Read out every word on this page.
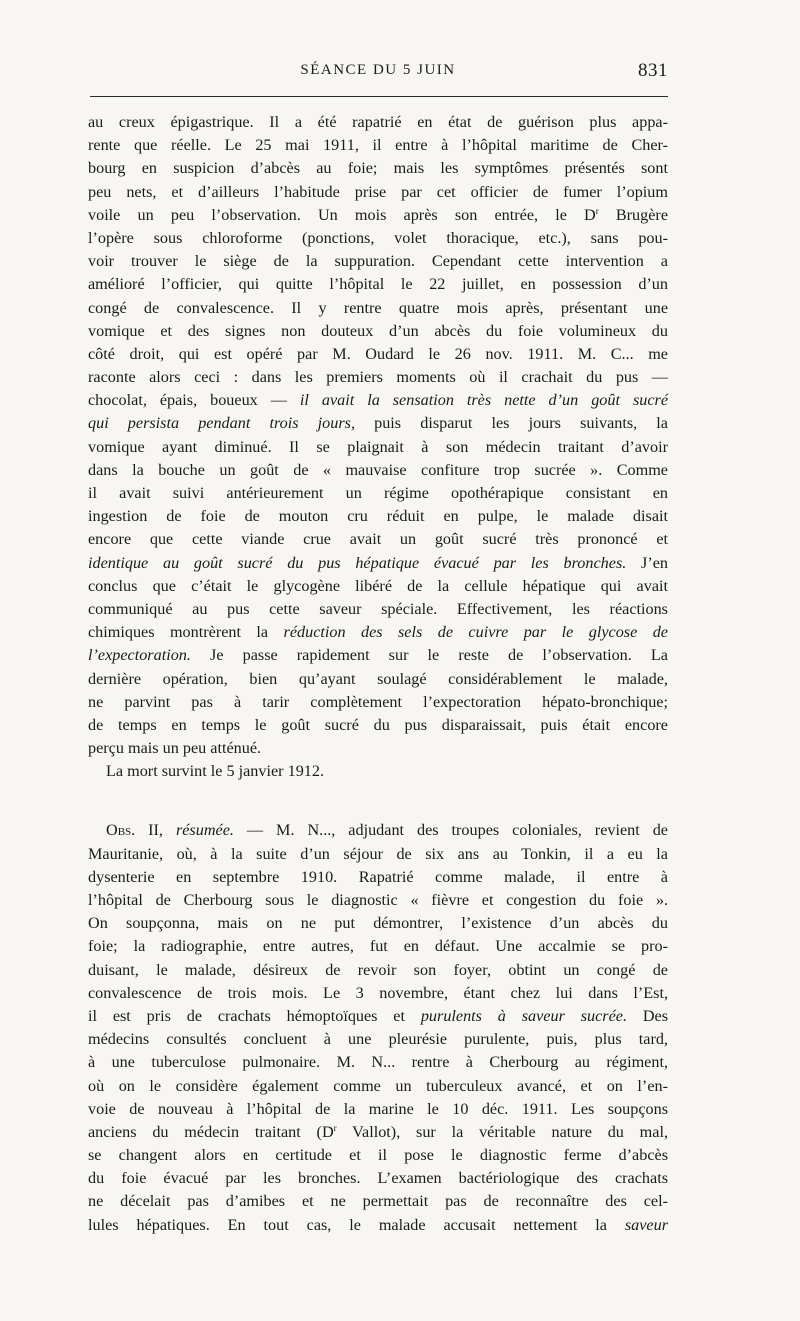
SÉANCE DU 5 JUIN	831
au creux épigastrique. Il a été rapatrié en état de guérison plus appa-
rente que réelle. Le 25 mai 1911, il entre à l’hôpital maritime de Cher-
bourg en suspicion d’abcès au foie; mais les symptômes présentés sont
peu nets, et d’ailleurs l’habitude prise par cet officier de fumer l’opium
voile un peu l’observation. Un mois après son entrée, le $D^r$ Brugère
l’opère sous chloroforme (ponctions, volet thoracique, etc.), sans pou-
voir trouver le siège de la suppuration. Cependant cette intervention a
amélioré l’officier, qui quitte l’hôpital le 22 juillet, en possession d’un
congé de convalescence. Il y rentre quatre mois après, présentant une
vomique et des signes non douteux d’un abcès du foie volumineux du
côté droit, qui est opéré par M. Oudard le 26 nov. 1911. M. C... me
raconte alors ceci : dans les premiers moments où il crachait du pus —
chocolat, épais, boueux — il avait la sensation très nette d’un goût sucré
qui persista pendant trois jours, puis disparut les jours suivants, la
vomique ayant diminué. Il se plaignait à son médecin traitant d’avoir
dans la bouche un goût de « mauvaise confiture trop sucrée ». Comme
il avait suivi antérieurement un régime opothérapique consistant en
ingestion de foie de mouton cru réduit en pulpe, le malade disait
encore que cette viande crue avait un goût sucré très prononcé et
identique au goût sucré du pus hépatique évacué par les bronches. J’en
conclus que c’était le glycogène libéré de la cellule hépatique qui avait
communiqué au pus cette saveur spéciale. Effectivement, les réactions
chimiques montrèrent la réduction des sels de cuivre par le glycose de
l’expectoration. Je passe rapidement sur le reste de l’observation. La
dernière opération, bien qu’ayant soulagé considérablement le malade,
ne parvint pas à tarir complètement l’expectoration hépato-bronchique;
de temps en temps le goût sucré du pus disparaissait, puis était encore
perçu mais un peu atténué.
La mort survint le 5 janvier 1912.
Obs. II, résumée. — M. N..., adjudant des troupes coloniales, revient de
Mauritanie, où, à la suite d’un séjour de six ans au Tonkin, il a eu la
dysenterie en septembre 1910. Rapatrié comme malade, il entre à
l’hôpital de Cherbourg sous le diagnostic « fièvre et congestion du foie ».
On soupçonna, mais on ne put démontrer, l’existence d’un abcès du
foie; la radiographie, entre autres, fut en défaut. Une accalmie se pro-
duisant, le malade, désireux de revoir son foyer, obtint un congé de
convalescence de trois mois. Le 3 novembre, étant chez lui dans l’Est,
il est pris de crachats hémoptoïques et purulents à saveur sucrée. Des
médecins consultés concluent à une pleurésie purulente, puis, plus tard,
à une tuberculose pulmonaire. M. N... rentre à Cherbourg au régiment,
où on le considère également comme un tuberculeux avancé, et on l’en-
voie de nouveau à l’hôpital de la marine le 10 déc. 1911. Les soupçons
anciens du médecin traitant ($D^r$ Vallot), sur la véritable nature du mal,
se changent alors en certitude et il pose le diagnostic ferme d’abcès
du foie évacué par les bronches. L’examen bactériologique des crachats
ne décelait pas d’amibes et ne permettait pas de reconnaître des cel-
lules hépatiques. En tout cas, le malade accusait nettement la saveur
